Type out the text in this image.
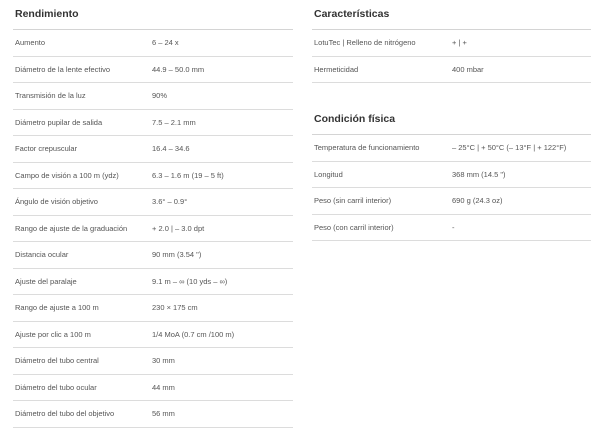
Rendimiento
Aumento	6 – 24 x
Diámetro de la lente efectivo	44.9 – 50.0 mm
Transmisión de la luz	90%
Diámetro pupilar de salida	7.5 – 2.1 mm
Factor crepuscular	16.4 – 34.6
Campo de visión a 100 m (ydz)	6.3 – 1.6 m (19 – 5 ft)
Ángulo de visión objetivo	3.6° – 0.9°
Rango de ajuste de la graduación	+ 2.0 | – 3.0 dpt
Distancia ocular	90 mm (3.54 ")
Ajuste del paralaje	9.1 m – ∞ (10 yds – ∞)
Rango de ajuste a 100 m	230 × 175 cm
Ajuste por clic a 100 m	1/4 MoA (0.7 cm /100 m)
Diámetro del tubo central	30 mm
Diámetro del tubo ocular	44 mm
Diámetro del tubo del objetivo	56 mm
Características
LotuTec | Relleno de nitrógeno	+ | +
Hermeticidad	400 mbar
Condición física
Temperatura de funcionamiento	– 25°C | + 50°C (– 13°F | + 122°F)
Longitud	368 mm (14.5 ")
Peso (sin carril interior)	690 g (24.3 oz)
Peso (con carril interior)	-
